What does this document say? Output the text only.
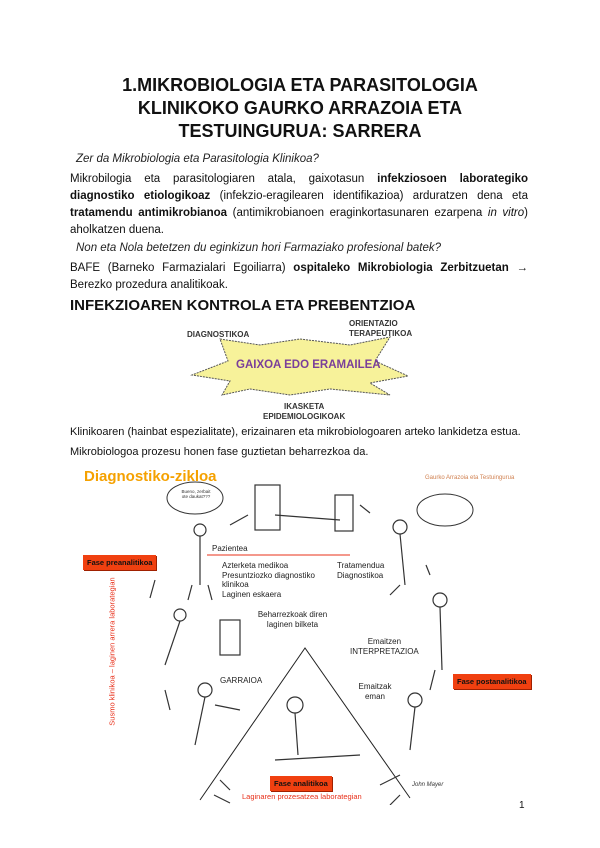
1.MIKROBIOLOGIA ETA PARASITOLOGIA
KLINIKOKO GAURKO ARRAZOIA ETA
TESTUINGURUA: SARRERA
Zer da Mikrobiologia eta Parasitologia Klinikoa?
Mikrobilogia eta parasitologiaren atala, gaixotasun infekziosoen laborategiko diagnostiko etiologikoaz (infekzio-eragilearen identifikazioa) arduratzen dena eta tratamendu antimikrobianoa (antimikrobianoen eraginkortasunaren ezarpena in vitro) aholkatzen duena.
Non eta Nola betetzen du eginkizun hori Farmaziako profesional batek?
BAFE (Barneko Farmazialari Egoiliarra) ospitaleko Mikrobiologia Zerbitzuetan → Berezko prozedura analitikoak.
INFEKZIOAREN KONTROLA ETA PREBENTZIOA
GAIXOA EDO ERAMAILEA
DIAGNOSTIKOA
ORIENTAZIO
TERAPEUTIKOA
IKASKETA
EPIDEMIOLOGIKOAK
Klinikoaren (hainbat espezialitate), erizainaren eta mikrobiologoaren arteko lankidetza estua.
Mikrobiologoa prozesu honen fase guztietan beharrezkoa da.
Diagnostiko-zikloa	Gaurko Arrazoia eta Testuingurua
Bueno, zerbait ote daukat???
Pazientea
Azterketa medikoa
Presuntziozko diagnostiko klinikoa
Laginen eskaera
Tratamendua
Diagnostikoa
Beharrezkoak diren laginen bilketa
Emaitzen
INTERPRETAZIOA
GARRAIOA
Emaitzak eman
Fase preanalitikoa
Fase postanalitikoa
Fase analitikoa
Laginaren prozesatzea laborategian
Susmo klinikoa – laginen arrera laborategian
John Mayer
1
